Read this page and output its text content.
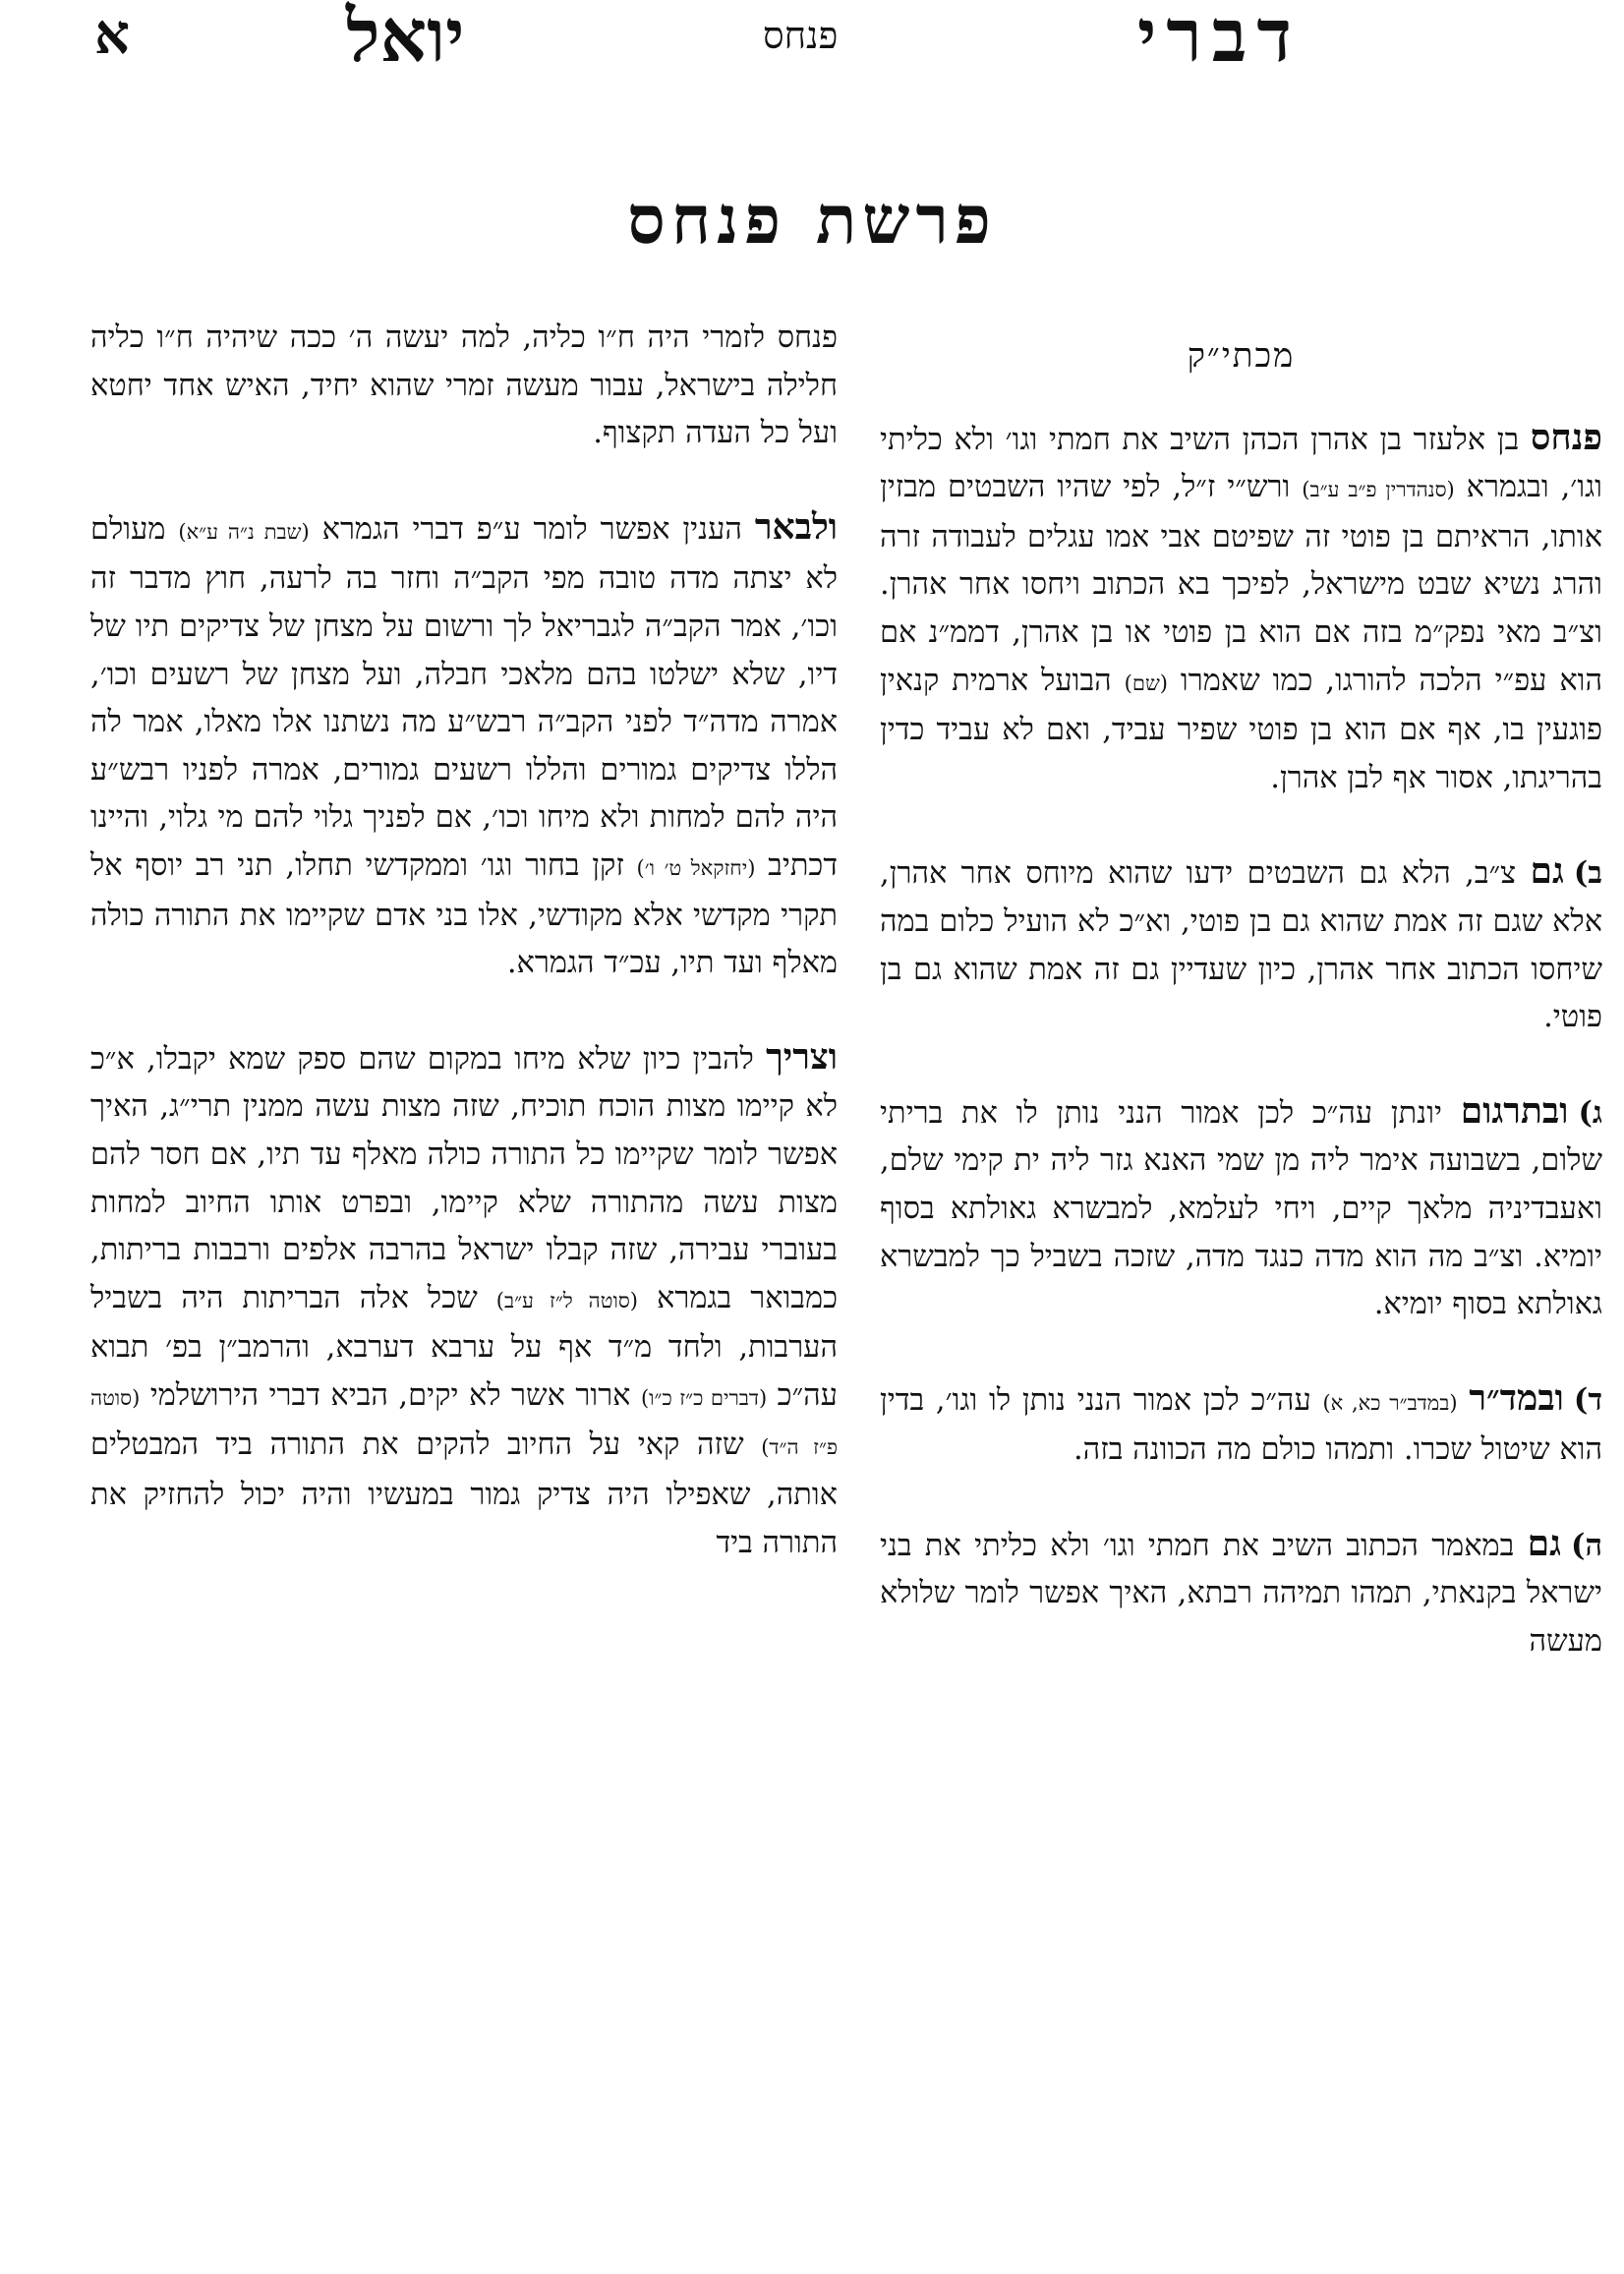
דברי
פנחס
יואל
א
פרשת פנחס
מכתי״ק

פנחס בן אלעזר בן אהרן הכהן השיב את חמתי וגו׳ ולא כליתי וגו׳, ובגמרא (סנהדרין פ״ב ע״ב) ורש״י ז״ל, לפי שהיו השבטים מבזין אותו, הראיתם בן פוטי זה שפיטם אבי אמו עגלים לעבודה זרה והרג נשיא שבט מישראל, לפיכך בא הכתוב ויחסו אחר אהרן. וצ״ב מאי נפק״מ בזה אם הוא בן פוטי או בן אהרן, דממ״נ אם הוא עפ״י הלכה להורגו, כמו שאמרו (שם) הבועל ארמית קנאין פוגעין בו, אף אם הוא בן פוטי שפיר עביד, ואם לא עביד כדין בהריגתו, אסור אף לבן אהרן.

ב)גם צ״ב, הלא גם השבטים ידעו שהוא מיוחס אחר אהרן, אלא שגם זה אמת שהוא גם בן פוטי, וא״כ לא הועיל כלום במה שיחסו הכתוב אחר אהרן, כיון שעדיין גם זה אמת שהוא גם בן פוטי.

ג)ובתרגום יונתן עה״כ לכן אמור הנני נותן לו את בריתי שלום, בשבועה אימר ליה מן שמי האנא גזר ליה ית קימי שלם, ואעבדיניה מלאך קיים, ויחי לעלמא, למבשרא גאולתא בסוף יומיא. וצ״ב מה הוא מדה כנגד מדה, שזכה בשביל כך למבשרא גאולתא בסוף יומיא.

ד)ובמד״ר (במדב״ר כא, א) עה״כ לכן אמור הנני נותן לו וגו׳, בדין הוא שיטול שכרו. ותמהו כולם מה הכוונה בזה.

ה)גם במאמר הכתוב השיב את חמתי וגו׳ ולא כליתי את בני ישראל בקנאתי, תמהו תמיהה רבתא, האיך אפשר לומר שלולא מעשה

פנחס לזמרי היה ח״ו כליה, למה יעשה ה׳ ככה שיהיה ח״ו כליה חלילה בישראל, עבור מעשה זמרי שהוא יחיד, האיש אחד יחטא ועל כל העדה תקצוף.

ולבאר הענין אפשר לומר ע״פ דברי הגמרא (שבת נ״ה ע״א) מעולם לא יצתה מדה טובה מפי הקב״ה וחזר בה לרעה, חוץ מדבר זה וכו׳, אמר הקב״ה לגבריאל לך ורשום על מצחן של צדיקים תיו של דיו, שלא ישלטו בהם מלאכי חבלה, ועל מצחן של רשעים וכו׳, אמרה מדה״ד לפני הקב״ה רבש״ע מה נשתנו אלו מאלו, אמר לה הללו צדיקים גמורים והללו רשעים גמורים, אמרה לפניו רבש״ע היה להם למחות ולא מיחו וכו׳, אם לפניך גלוי להם מי גלוי, והיינו דכתיב (יחזקאל ט׳ ו׳) זקן בחור וגו׳ וממקדשי תחלו, תני רב יוסף אל תקרי מקדשי אלא מקודשי, אלו בני אדם שקיימו את התורה כולה מאלף ועד תיו, עכ״ד הגמרא.

וצריך להבין כיון שלא מיחו במקום שהם ספק שמא יקבלו, א״כ לא קיימו מצות הוכח תוכיח, שזה מצות עשה ממנין תרי״ג, האיך אפשר לומר שקיימו כל התורה כולה מאלף עד תיו, אם חסר להם מצות עשה מהתורה שלא קיימו, ובפרט אותו החיוב למחות בעוברי עבירה, שזה קבלו ישראל בהרבה אלפים ורבבות בריתות, כמבואר בגמרא (סוטה ל״ז ע״ב) שכל אלה הבריתות היה בשביל הערבות, ולחד מ״ד אף על ערבא דערבא, והרמב״ן בפ׳ תבוא עה״כ (דברים כ״ז כ״ו) ארור אשר לא יקים, הביא דברי הירושלמי (סוטה פ״ז ה״ד) שזה קאי על החיוב להקים את התורה ביד המבטלים אותה, שאפילו היה צדיק גמור במעשיו והיה יכול להחזיק את התורה ביד
